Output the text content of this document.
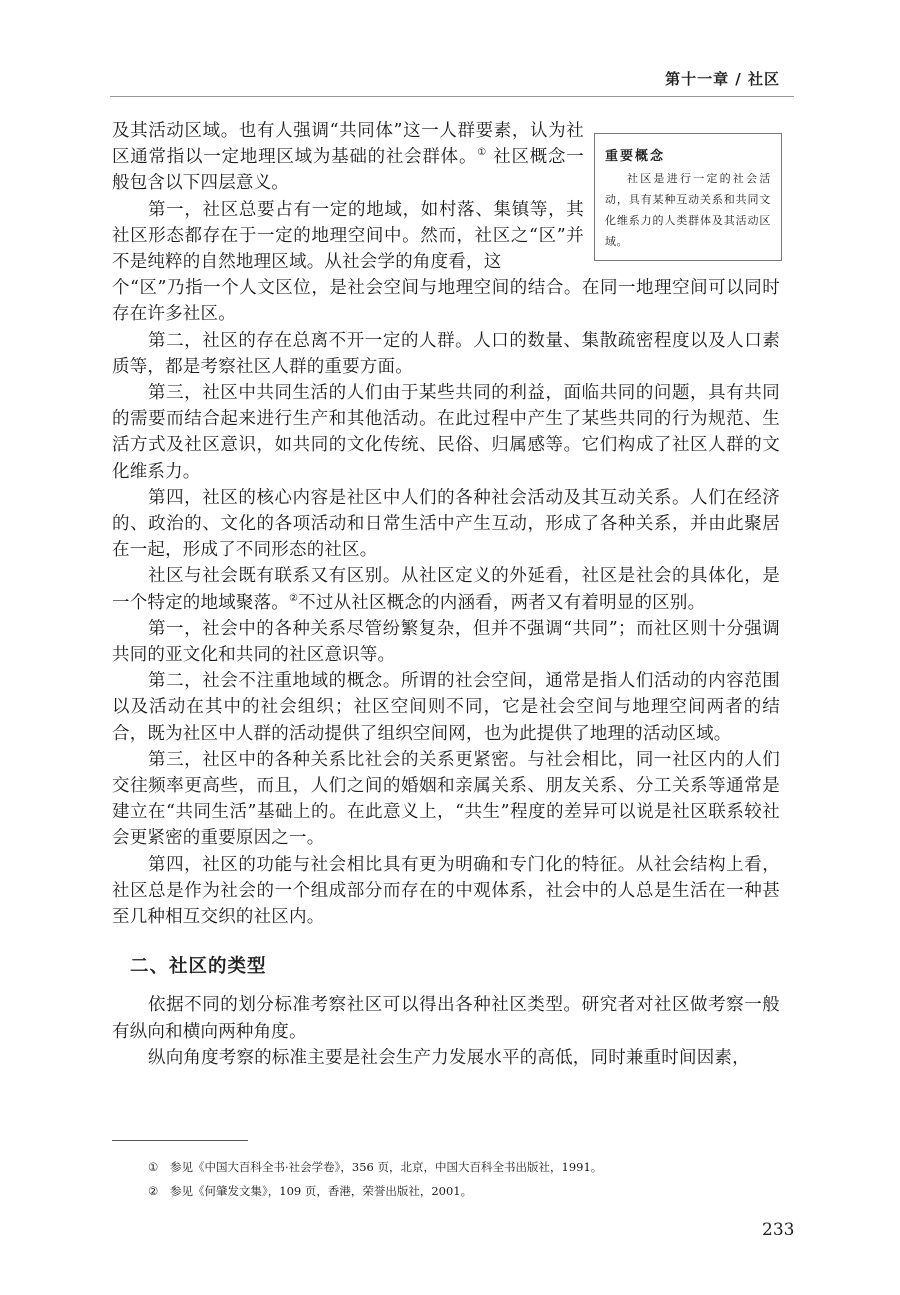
第十一章 / 社区
重要概念

社区是进行一定的社会活动，具有某种互动关系和共同文化维系力的人类群体及其活动区域。

及其活动区域。也有人强调“共同体”这一人群要素，认为社区通常指以一定地理区域为基础的社会群体。① 社区概念一般包含以下四层意义。

第一，社区总要占有一定的地域，如村落、集镇等，其社区形态都存在于一定的地理空间中。然而，社区之“区”并不是纯粹的自然地理区域。从社会学的角度看，这

个“区”乃指一个人文区位，是社会空间与地理空间的结合。在同一地理空间可以同时存在许多社区。

第二，社区的存在总离不开一定的人群。人口的数量、集散疏密程度以及人口素质等，都是考察社区人群的重要方面。

第三，社区中共同生活的人们由于某些共同的利益，面临共同的问题，具有共同的需要而结合起来进行生产和其他活动。在此过程中产生了某些共同的行为规范、生活方式及社区意识，如共同的文化传统、民俗、归属感等。它们构成了社区人群的文化维系力。

第四，社区的核心内容是社区中人们的各种社会活动及其互动关系。人们在经济的、政治的、文化的各项活动和日常生活中产生互动，形成了各种关系，并由此聚居在一起，形成了不同形态的社区。

社区与社会既有联系又有区别。从社区定义的外延看，社区是社会的具体化，是一个特定的地域聚落。②不过从社区概念的内涵看，两者又有着明显的区别。

第一，社会中的各种关系尽管纷繁复杂，但并不强调“共同”；而社区则十分强调共同的亚文化和共同的社区意识等。

第二，社会不注重地域的概念。所谓的社会空间，通常是指人们活动的内容范围以及活动在其中的社会组织；社区空间则不同，它是社会空间与地理空间两者的结合，既为社区中人群的活动提供了组织空间网，也为此提供了地理的活动区域。

第三，社区中的各种关系比社会的关系更紧密。与社会相比，同一社区内的人们交往频率更高些，而且，人们之间的婚姻和亲属关系、朋友关系、分工关系等通常是建立在“共同生活”基础上的。在此意义上，“共生”程度的差异可以说是社区联系较社会更紧密的重要原因之一。

第四，社区的功能与社会相比具有更为明确和专门化的特征。从社会结构上看，社区总是作为社会的一个组成部分而存在的中观体系，社会中的人总是生活在一种甚至几种相互交织的社区内。

二、社区的类型

依据不同的划分标准考察社区可以得出各种社区类型。研究者对社区做考察一般有纵向和横向两种角度。

纵向角度考察的标准主要是社会生产力发展水平的高低，同时兼重时间因素，

① 参见《中国大百科全书·社会学卷》，356 页，北京，中国大百科全书出版社，1991。

② 参见《何肇发文集》，109 页，香港，荣誉出版社，2001。

233
